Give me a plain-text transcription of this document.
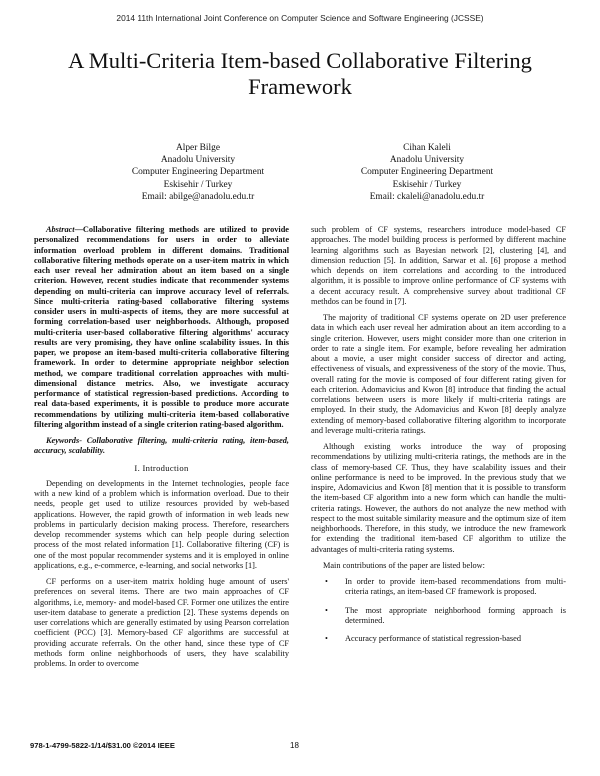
2014 11th International Joint Conference on Computer Science and Software Engineering (JCSSE)
A Multi-Criteria Item-based Collaborative Filtering
Framework
Alper Bilge
Anadolu University
Computer Engineering Department
Eskisehir / Turkey
Email: abilge@anadolu.edu.tr
Cihan Kaleli
Anadolu University
Computer Engineering Department
Eskisehir / Turkey
Email: ckaleli@anadolu.edu.tr

Abstract—Collaborative filtering methods are utilized to provide personalized recommendations for users in order to alleviate information overload problem in different domains. Traditional collaborative filtering methods operate on a user-item matrix in which each user reveal her admiration about an item based on a single criterion. However, recent studies indicate that recommender systems depending on multi-criteria can improve accuracy level of referrals. Since multi-criteria rating-based collaborative filtering systems consider users in multi-aspects of items, they are more successful at forming correlation-based user neighborhoods. Although, proposed multi-criteria user-based collaborative filtering algorithms' accuracy results are very promising, they have online scalability issues. In this paper, we propose an item-based multi-criteria collaborative filtering framework. In order to determine appropriate neighbor selection method, we compare traditional correlation approaches with multi-dimensional distance metrics. Also, we investigate accuracy performance of statistical regression-based predictions. According to real data-based experiments, it is possible to produce more accurate recommendations by utilizing multi-criteria item-based collaborative filtering algorithm instead of a single criterion rating-based algorithm.

Keywords- Collaborative filtering, multi-criteria rating, item-based, accuracy, scalability.

I. Introduction

Depending on developments in the Internet technologies, people face with a new kind of a problem which is information overload. Due to their needs, people get used to utilize resources provided by web-based applications. However, the rapid growth of information in web leads new problems in particularly decision making process. Therefore, researchers develop recommender systems which can help people during selection process of the most related information [1]. Collaborative filtering (CF) is one of the most popular recommender systems and it is employed in online applications, e.g., e-commerce, e-learning, and social networks [1].

CF performs on a user-item matrix holding huge amount of users' preferences on several items. There are two main approaches of CF algorithms, i.e, memory- and model-based CF. Former one utilizes the entire user-item database to generate a prediction [2]. These systems depends on user correlations which are generally estimated by using Pearson correlation coefficient (PCC) [3]. Memory-based CF algorithms are successful at providing accurate referrals. On the other hand, since these type of CF methods form online neighborhoods of users, they have scalability problems. In order to overcome

such problem of CF systems, researchers introduce model-based CF approaches. The model building process is performed by different machine learning algorithms such as Bayesian network [2], clustering [4], and dimension reduction [5]. In addition, Sarwar et al. [6] propose a method which depends on item correlations and according to the introduced algorithm, it is possible to improve online performance of CF systems with a decent accuracy result. A comprehensive survey about traditional CF methdos can be found in [7].

The majority of traditional CF systems operate on 2D user preference data in which each user reveal her admiration about an item according to a single criterion. However, users might consider more than one criterion in order to rate a single item. For example, before revealing her admiration about a movie, a user might consider success of director and acting, effectiveness of visuals, and expressiveness of the story of the movie. Thus, overall rating for the movie is composed of four different rating given for each criterion. Adomavicius and Kwon [8] introduce that finding the actual correlations between users is more likely if multi-criteria ratings are employed. In their study, the Adomavicius and Kwon [8] deeply analyze extending of memory-based collaborative filtering algorithm to incorporate and leverage multi-criteria ratings.

Although existing works introduce the way of proposing recommendations by utilizing multi-criteria ratings, the methods are in the class of memory-based CF. Thus, they have scalability issues and their online performance is need to be improved. In the previous study that we inspire, Adomavicius and Kwon [8] mention that it is possible to transform the item-based CF algorithm into a new form which can handle the multi-criteria ratings. However, the authors do not analyze the new method with respect to the most suitable similarity measure and the optimum size of item neighborhoods. Therefore, in this study, we introduce the new framework for extending the traditional item-based CF algorithm to utilize the advantages of multi-criteria rating systems.

Main contributions of the paper are listed below:

• In order to provide item-based recommendations from multi-criteria ratings, an item-based CF framework is proposed.
• The most appropriate neighborhood forming approach is determined.
• Accuracy performance of statistical regression-based
978-1-4799-5822-1/14/$31.00 ©2014 IEEE	18
